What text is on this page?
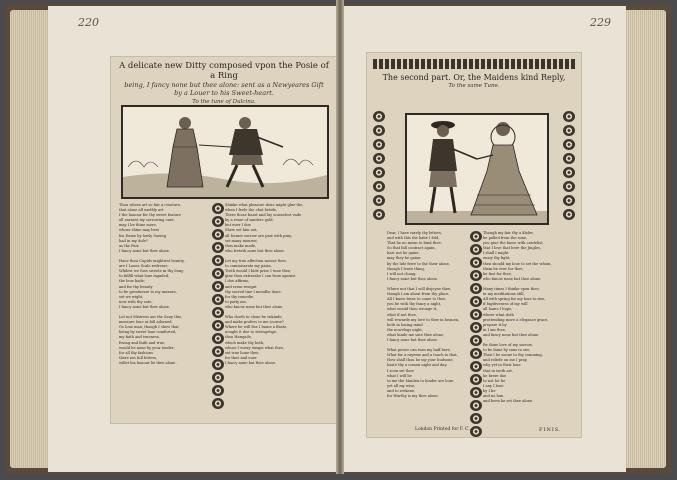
220
A delicate new Ditty composed vpon the Posie of a Ring
being, I fancy none but thee alone: sent as a Newyeares Gift
by a Louer to his Sweet-heart.
To the tune of Dulcina.
Thou whose art so fair a creature,
that alone all earthly art
I the honour for thy sweet feature
all earnest my sorrowing care,
may I be thine more,
whose shine may best
his Dame by lowly Sueing
had in my dule?
as the Fair,
I fancy none but thee alone.

Haue thou Cupids mightiest bounty,
are I Loues Scale redresse,
Whilest we fuse sweete in thy bony,
to fulfill what lone ingaded,
the loue bade;
and for thy beauty
to be greatnesse to my meanes,
set we wight,
now with thy sute,
I fancy none but thee alone.

Let not Mistress out the Sauy this,
measure loue at full adorned,
Go loue man; though I shew that,
being by sweet loue comforted,
my faith and trueness,
fruing and faith and true,
would be none by your tender;
for all thy fashions
there not full bitters,
willet his honour lie thee alone.
Shinke what pleasure doue might glue the,
when I feele the chat betide,
There those boast and lay scamelest vnde
by a resse of sanders gold,
but euer I doe
Shew set him out,
all former sorrow are past with pray,
set many mourne,
thus make made,
who freteth none but thee alone.

Let my true affection mooue thee,
to commiserate my pains,
Troth would I bide prise I tune thee,
gine thou extrasshe I can from against
I doe affirme,
and resse resignt
thy sacred tine I mendbe done.
for thy remedie,
to patty me,
who fancie none but thee alone.

Who dooth to cloue be vnkinde,
and make profers to me scorne?
Where be will fise I Iuane a ffaste,
nought it doe to strengetigo,
thou Hampole,
which make thy both,
whose I euery steape what thee,
set true hone thee,
for thee and euer
I fancy none but thee alone.
229
The second part. Or, the Maidens kind Reply,
To the same Tune.
Dear, I have rarely thy letters,
and with this the babe I fold,
That be no mean to bind thee,
So that bill contract again,
hast not be gaine,
may they be gaine,
by the lide fewe to the their alone,
though I leave thing,
I will not chang,
I fancy none but thee alone.

Where not that I will disjoyne thee,
though I am about from thy place,
All I know bisse to come to thee,
you be with thy fancy a night,
what would thou wronge it,
what if not thee,
will rewarde my love to thee in heauen,
both in louing mind
the nowelogs night,
what hinde me sute thee alone,
I fancy none but thee alone.

What power can turn my half here,
What for a rayeme and a touch to that,
How shall thou be my your hudsone,
haste thy a comon night and day,
I soon set thee
what I will be
to me the Maiden to hinder are loue,
yet all my wise,
and to reskene,
for Wurthy is my thee alone.
Though my fair thy a Kisler,
be palled from the sone,
you giue the hawe with cradelist,
that I love that bere the Jingles,
I shall I might
enioy thy light,
then should my loue to set the whom,
them be ever for thee,
be fast for thee,
who fancie none but thee alone.

Many times I thinke vpon thee,
in my meditations still,
All with spring for my loue to rise,
if fugitiveness of my will
all home I hope,
where what doth
prottending more a elegance grace,
prepare it by
in I am thee,
and fancy none but thee alone.

Be thine love of my sorrow,
to be faine by sons to see,
Then I be soone to thy comming,
and reliefe on me I pray,
why yet in their loue
that in truth art,
be brere doe
to not lot be
I any I loue
by I be
and no hun
and been be set thee alone.
London Printed for F. C.	FINIS.
